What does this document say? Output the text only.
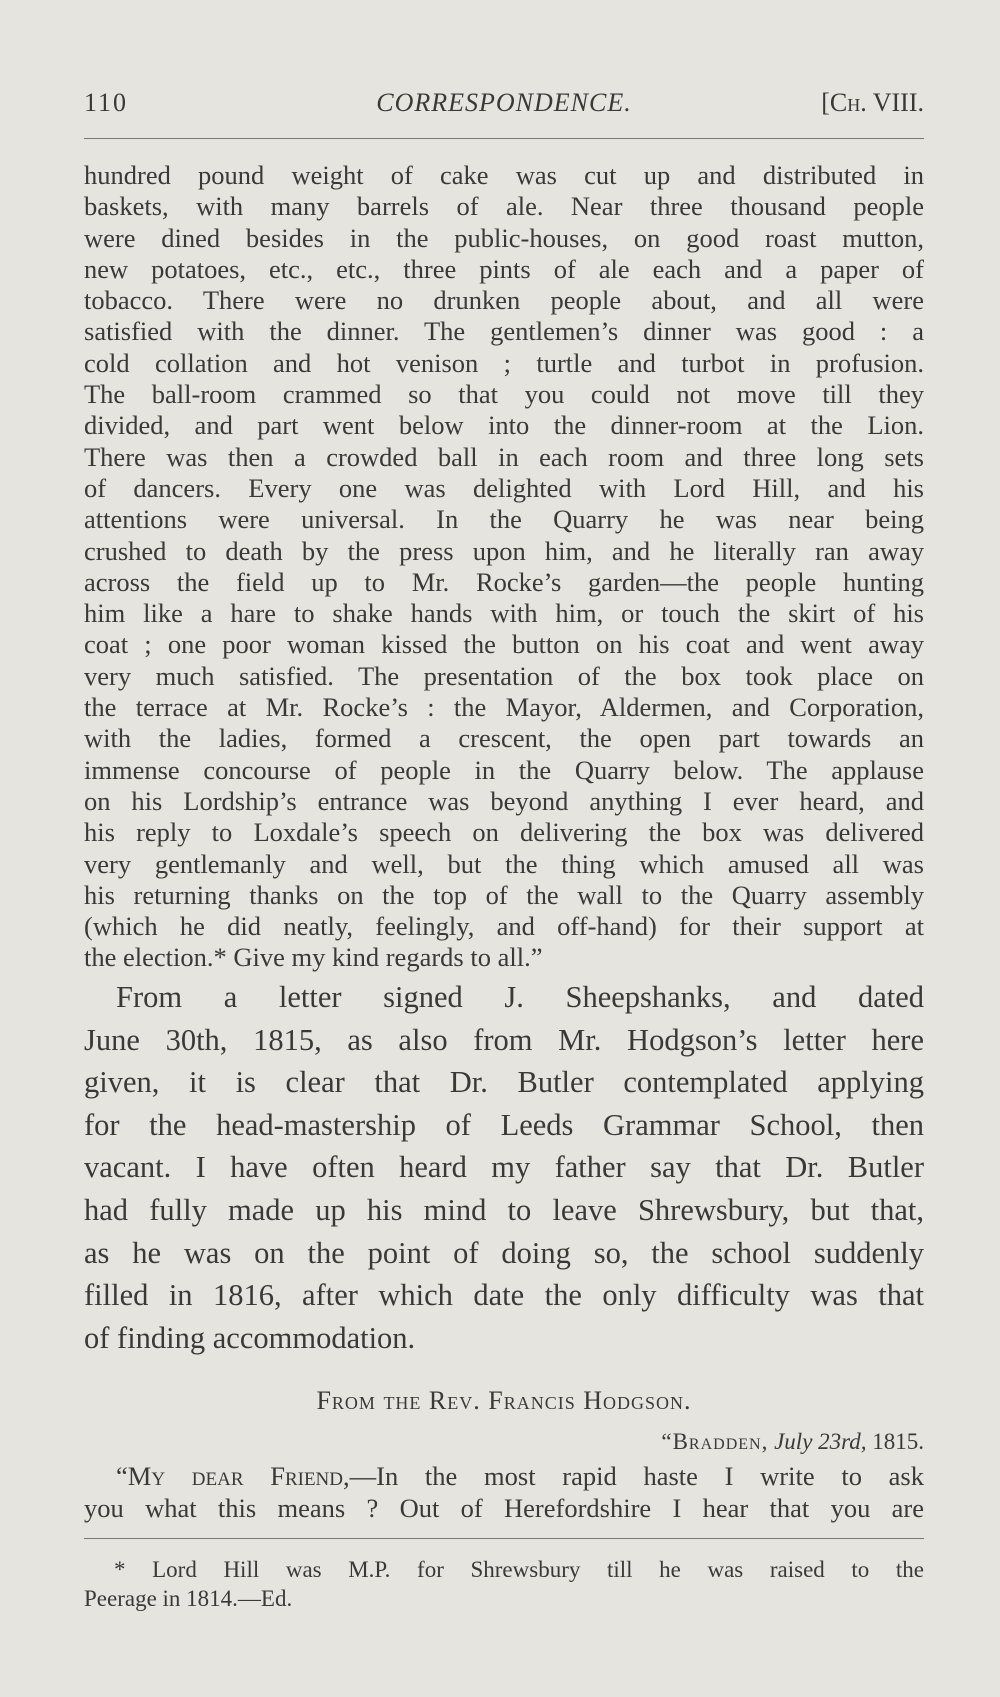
110	CORRESPONDENCE.	[Ch. VIII.
hundred pound weight of cake was cut up and distributed in
baskets, with many barrels of ale. Near three thousand people
were dined besides in the public-houses, on good roast mutton,
new potatoes, etc., etc., three pints of ale each and a paper of
tobacco. There were no drunken people about, and all were
satisfied with the dinner. The gentlemen’s dinner was good : a
cold collation and hot venison ; turtle and turbot in profusion.
The ball-room crammed so that you could not move till they
divided, and part went below into the dinner-room at the Lion.
There was then a crowded ball in each room and three long sets
of dancers. Every one was delighted with Lord Hill, and his
attentions were universal. In the Quarry he was near being
crushed to death by the press upon him, and he literally ran away
across the field up to Mr. Rocke’s garden—the people hunting
him like a hare to shake hands with him, or touch the skirt of his
coat ; one poor woman kissed the button on his coat and went away
very much satisfied. The presentation of the box took place on
the terrace at Mr. Rocke’s : the Mayor, Aldermen, and Corporation,
with the ladies, formed a crescent, the open part towards an
immense concourse of people in the Quarry below. The applause
on his Lordship’s entrance was beyond anything I ever heard, and
his reply to Loxdale’s speech on delivering the box was delivered
very gentlemanly and well, but the thing which amused all was
his returning thanks on the top of the wall to the Quarry assembly
(which he did neatly, feelingly, and off-hand) for their support at
the election.* Give my kind regards to all.”
From a letter signed J. Sheepshanks, and dated
June 30th, 1815, as also from Mr. Hodgson’s letter here
given, it is clear that Dr. Butler contemplated applying
for the head-mastership of Leeds Grammar School, then
vacant. I have often heard my father say that Dr. Butler
had fully made up his mind to leave Shrewsbury, but that,
as he was on the point of doing so, the school suddenly
filled in 1816, after which date the only difficulty was that
of finding accommodation.
From the Rev. Francis Hodgson.
“Bradden, July 23rd, 1815.
“My dear Friend,—In the most rapid haste I write to ask
you what this means ? Out of Herefordshire I hear that you are
* Lord Hill was M.P. for Shrewsbury till he was raised to the
Peerage in 1814.—Ed.
